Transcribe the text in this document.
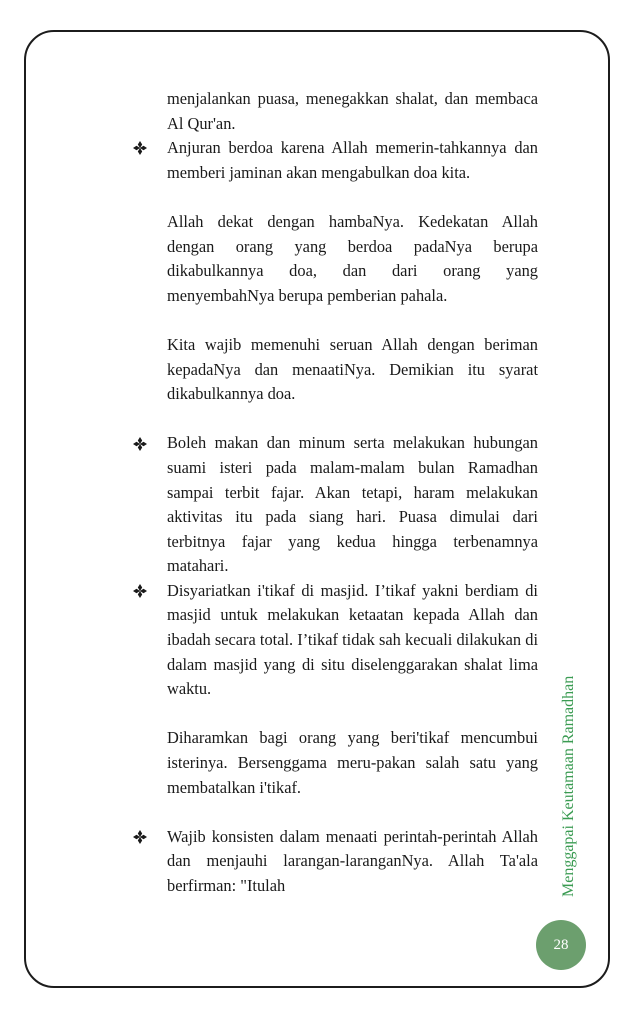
menjalankan puasa, menegakkan shalat, dan membaca Al Qur'an.

Anjuran berdoa karena Allah memerin-tahkannya dan memberi jaminan akan mengabulkan doa kita.

Allah dekat dengan hambaNya. Kedekatan Allah dengan orang yang berdoa padaNya berupa dikabulkannya doa, dan dari orang yang menyembahNya berupa pemberian pahala.

Kita wajib memenuhi seruan Allah dengan beriman kepadaNya dan menaatiNya. Demikian itu syarat dikabulkannya doa.

Boleh makan dan minum serta melakukan hubungan suami isteri pada malam-malam bulan Ramadhan sampai terbit fajar. Akan tetapi, haram melakukan aktivitas itu pada siang hari. Puasa dimulai dari terbitnya fajar yang kedua hingga terbenamnya matahari.
Disyariatkan i'tikaf di masjid. I’tikaf yakni berdiam di masjid untuk melakukan ketaatan kepada Allah dan ibadah secara total. I’tikaf tidak sah kecuali dilakukan di dalam masjid yang di situ diselenggarakan shalat lima waktu.

Diharamkan bagi orang yang beri'tikaf mencumbui isterinya. Bersenggama meru-pakan salah satu yang membatalkan i'tikaf.

Wajib konsisten dalam menaati perintah-perintah Allah dan menjauhi larangan-laranganNya. Allah Ta'ala berfirman: "Itulah	Menggapai Keutamaan Ramadhan
28
